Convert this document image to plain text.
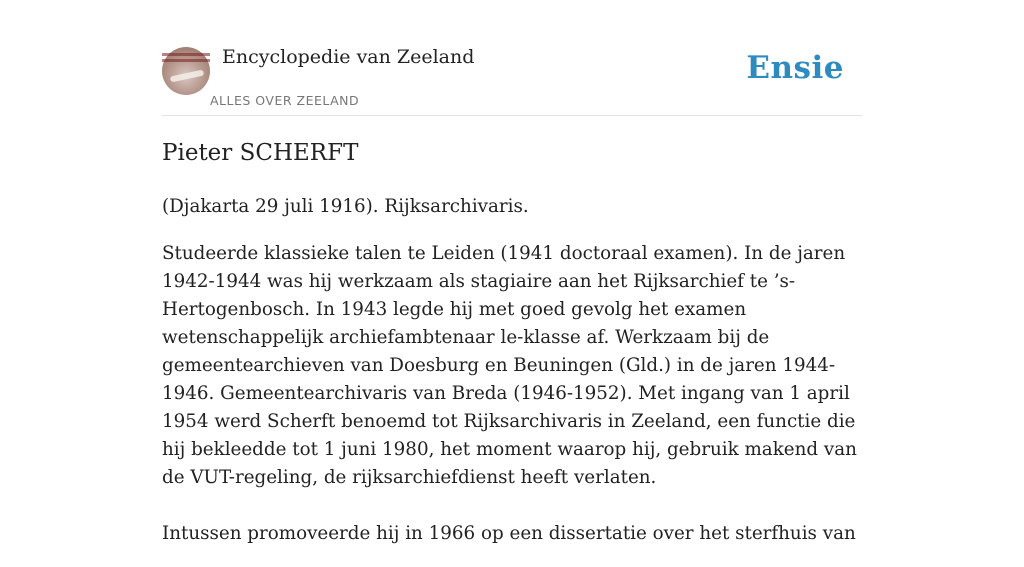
Encyclopedie van Zeeland
ALLES OVER ZEELAND
Ensie
Pieter SCHERFT

(Djakarta 29 juli 1916). Rijksarchivaris.

Studeerde klassieke talen te Leiden (1941 doctoraal examen). In de jaren 1942-1944 was hij werkzaam als stagiaire aan het Rijksarchief te ’s-Hertogenbosch. In 1943 legde hij met goed gevolg het examen wetenschappelijk archiefambtenaar le-klasse af. Werkzaam bij de gemeentearchieven van Doesburg en Beuningen (Gld.) in de jaren 1944-1946. Gemeentearchivaris van Breda (1946-1952). Met ingang van 1 april 1954 werd Scherft benoemd tot Rijksarchivaris in Zeeland, een functie die hij bekleedde tot 1 juni 1980, het moment waarop hij, gebruik makend van de VUT-regeling, de rijksarchiefdienst heeft verlaten.

Intussen promoveerde hij in 1966 op een dissertatie over het sterfhuis van
